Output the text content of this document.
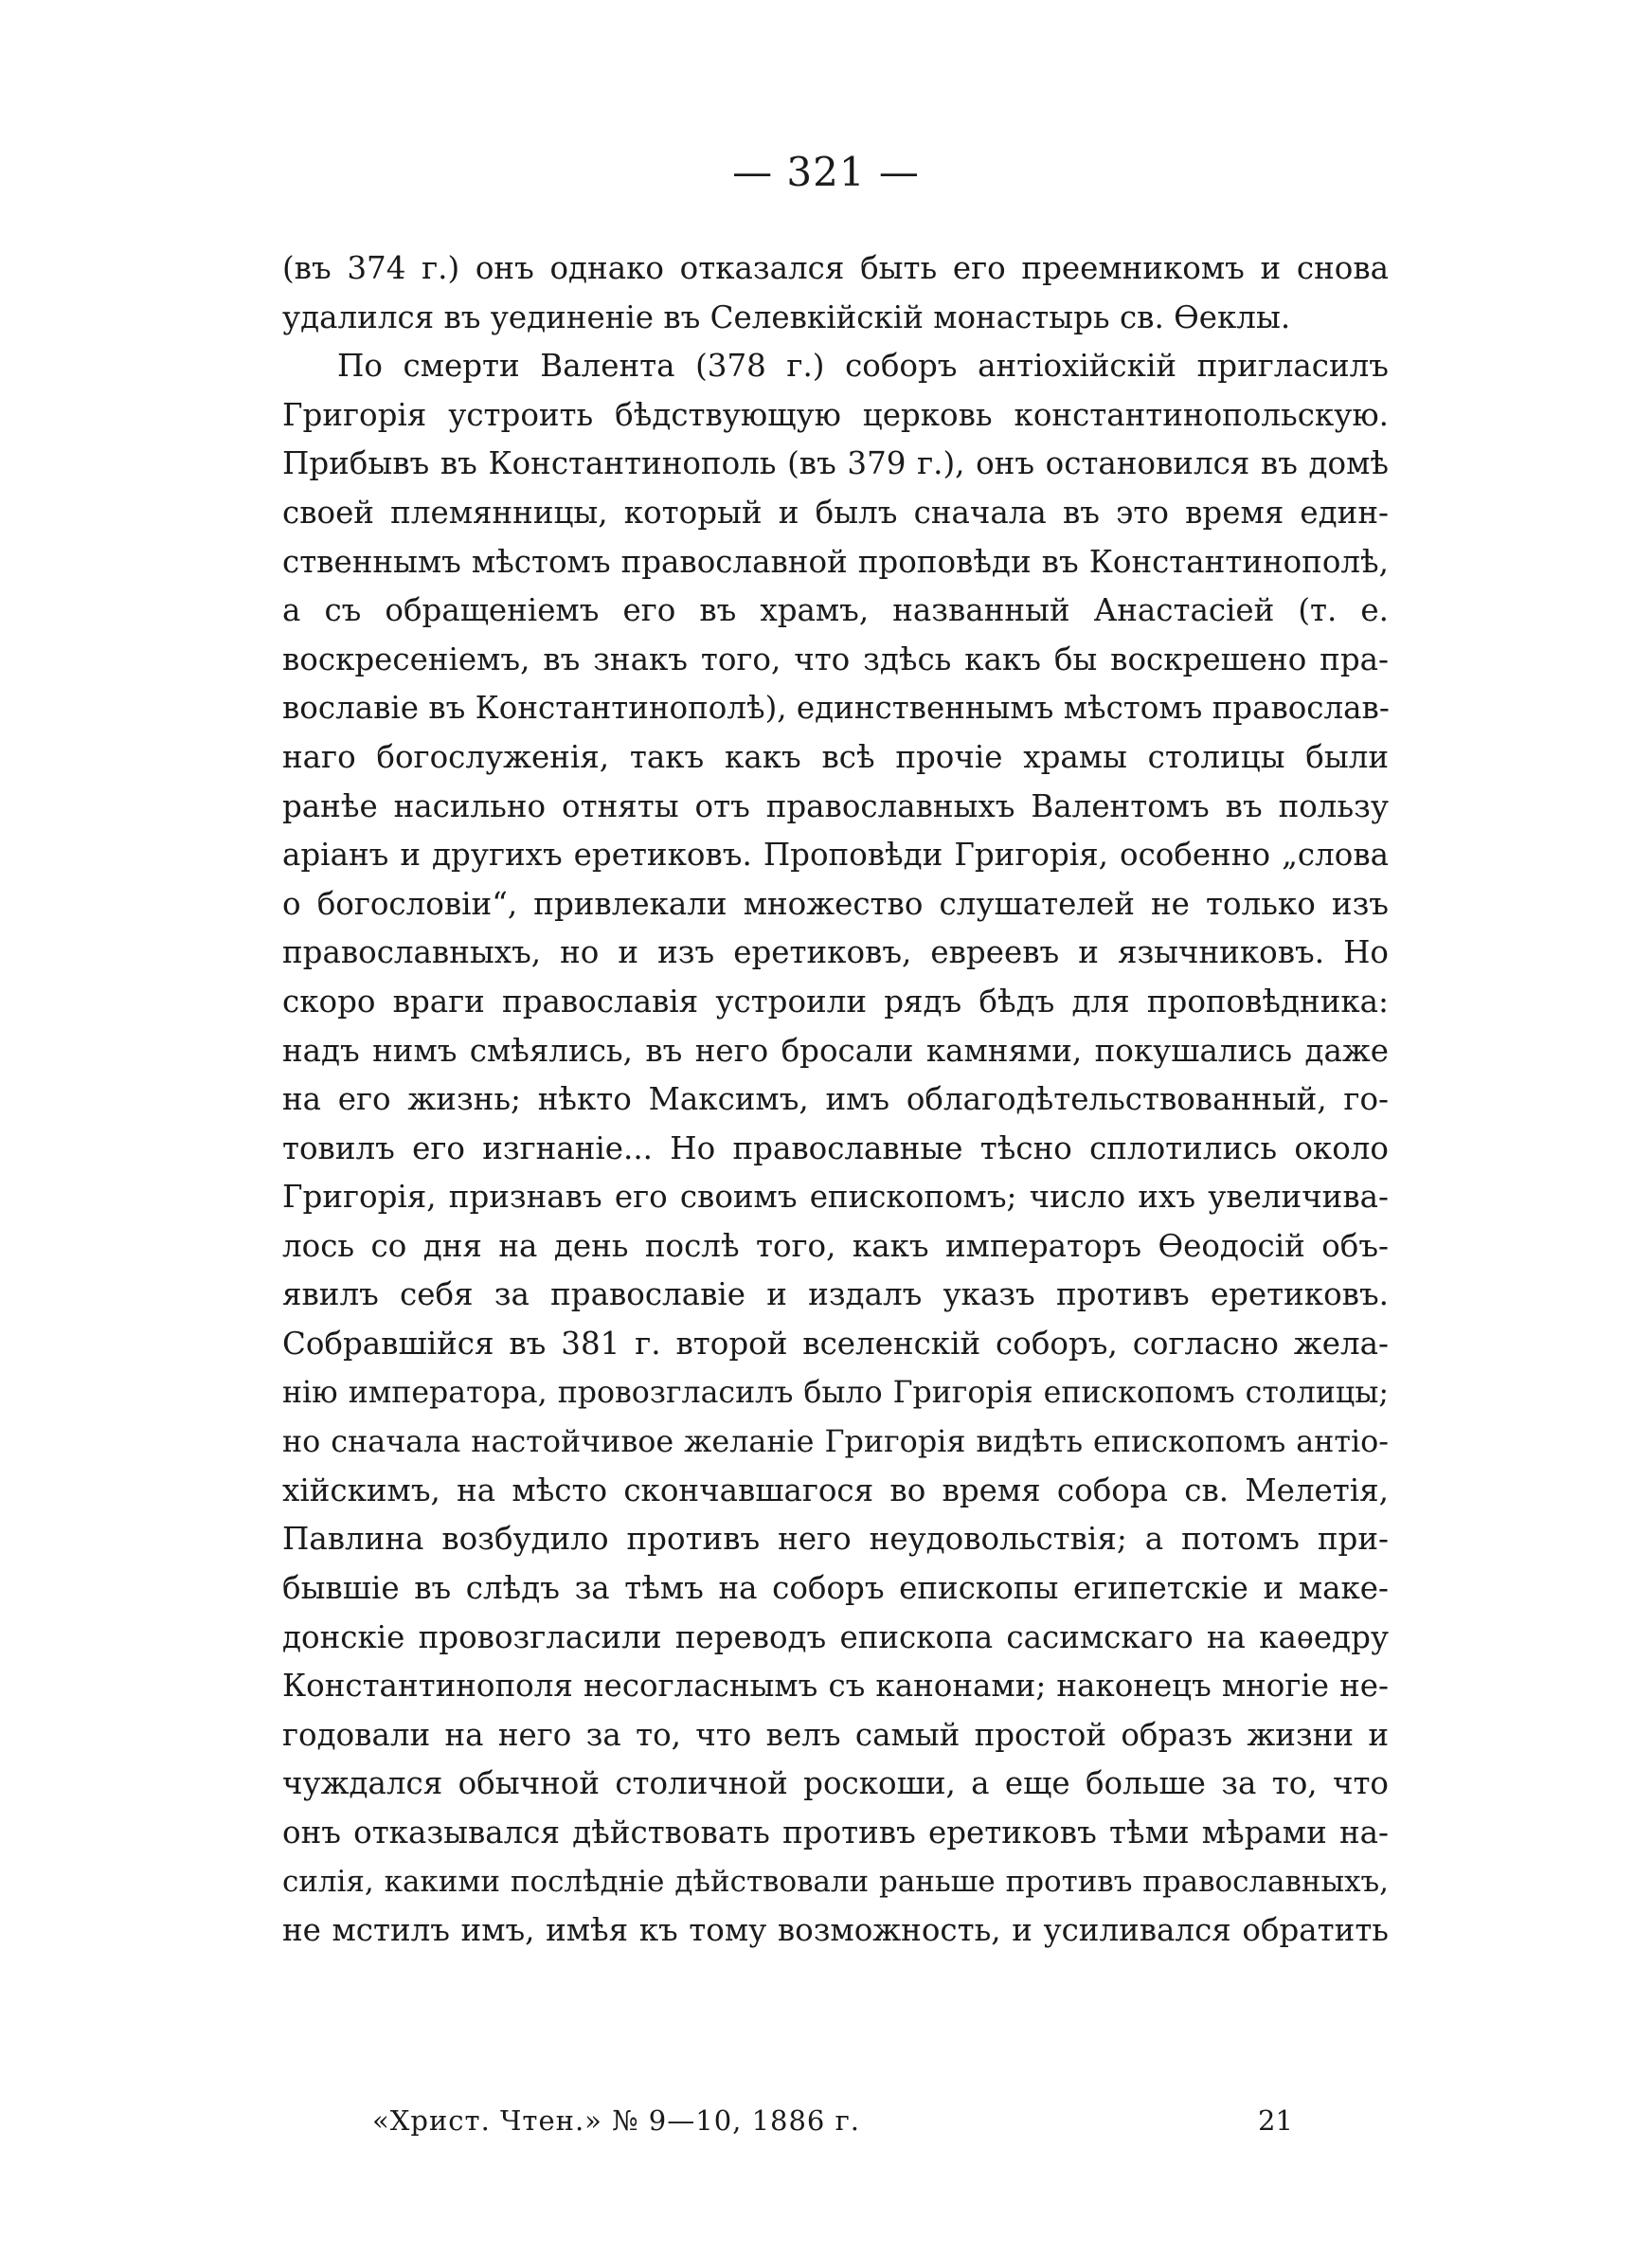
— 321 —
(въ 374 г.) онъ однако отказался быть его преемникомъ и снова
удалился въ уединеніе въ Селевкійскій монастырь св. Ѳеклы.
По смерти Валента (378 г.) соборъ антіохійскій пригласилъ
Григорія устроить бѣдствующую церковь константинопольскую.
Прибывъ въ Константинополь (въ 379 г.), онъ остановился въ домѣ
своей племянницы, который и былъ сначала въ это время един-
ственнымъ мѣстомъ православной проповѣди въ Константинополѣ,
а съ обращеніемъ его въ храмъ, названный Анастасіей (т. е.
воскресеніемъ, въ знакъ того, что здѣсь какъ бы воскрешено пра-
вославіе въ Константинополѣ), единственнымъ мѣстомъ православ-
наго богослуженія, такъ какъ всѣ прочіе храмы столицы были
ранѣе насильно отняты отъ православныхъ Валентомъ въ пользу
аріанъ и другихъ еретиковъ. Проповѣди Григорія, особенно „слова
о богословіи“, привлекали множество слушателей не только изъ
православныхъ, но и изъ еретиковъ, евреевъ и язычниковъ. Но
скоро враги православія устроили рядъ бѣдъ для проповѣдника:
надъ нимъ смѣялись, въ него бросали камнями, покушались даже
на его жизнь; нѣкто Максимъ, имъ облагодѣтельствованный, го-
товилъ его изгнаніе... Но православные тѣсно сплотились около
Григорія, признавъ его своимъ епископомъ; число ихъ увеличива-
лось со дня на день послѣ того, какъ императоръ Ѳеодосій объ-
явилъ себя за православіе и издалъ указъ противъ еретиковъ.
Собравшійся въ 381 г. второй вселенскій соборъ, согласно жела-
нію императора, провозгласилъ было Григорія епископомъ столицы;
но сначала настойчивое желаніе Григорія видѣть епископомъ антіо-
хійскимъ, на мѣсто скончавшагося во время собора св. Мелетія,
Павлина возбудило противъ него неудовольствія; а потомъ при-
бывшіе въ слѣдъ за тѣмъ на соборъ епископы египетскіе и маке-
донскіе провозгласили переводъ епископа сасимскаго на каѳедру
Константинополя несогласнымъ съ канонами; наконецъ многіе не-
годовали на него за то, что велъ самый простой образъ жизни и
чуждался обычной столичной роскоши, а еще больше за то, что
онъ отказывался дѣйствовать противъ еретиковъ тѣми мѣрами на-
силія, какими послѣдніе дѣйствовали раньше противъ православныхъ,
не мстилъ имъ, имѣя къ тому возможность, и усиливался обратить
«Христ. Чтен.» № 9—10, 1886 г.	21
